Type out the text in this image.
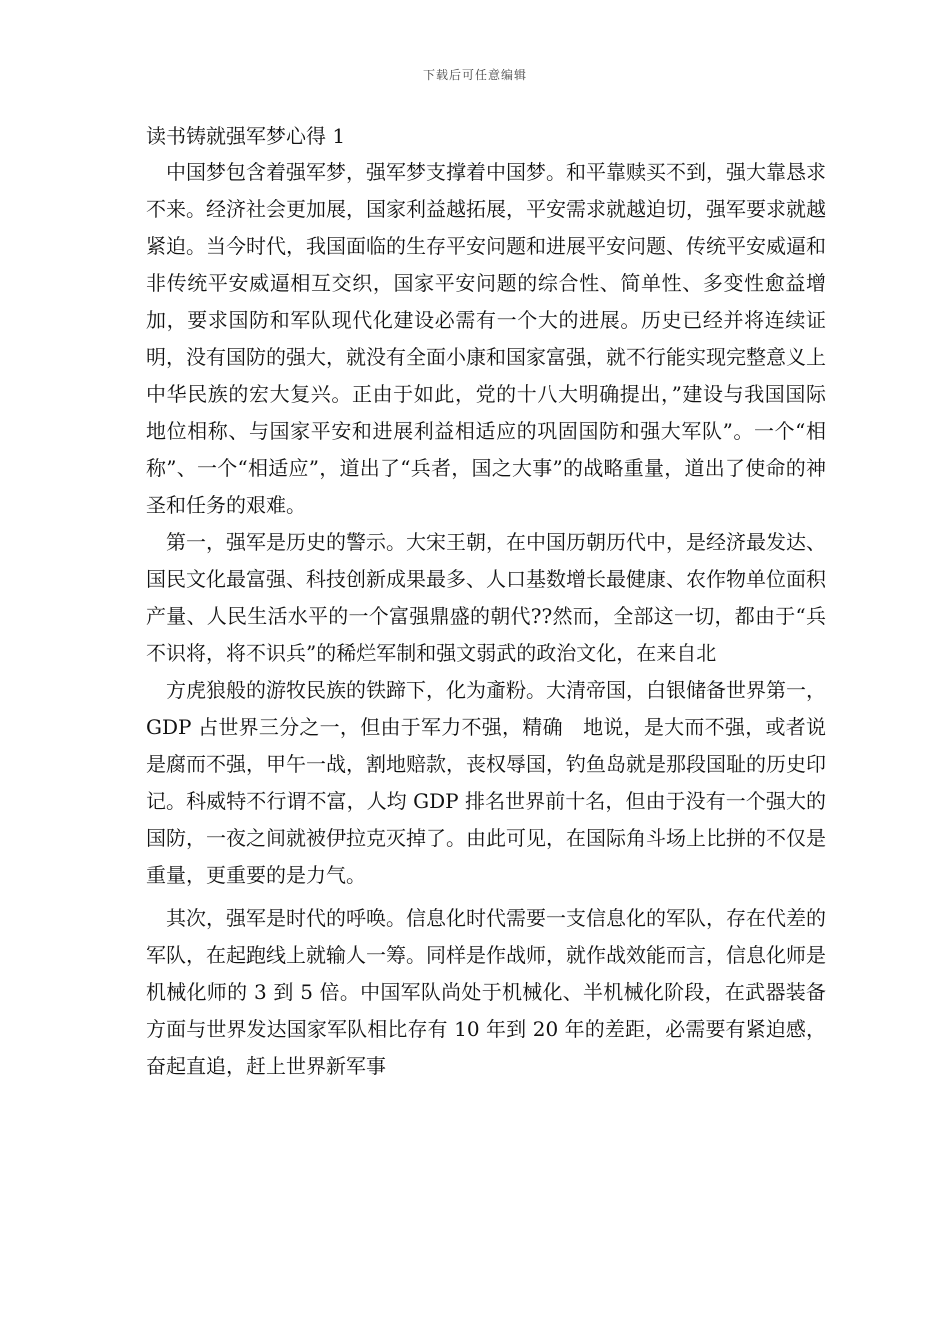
下载后可任意编辑

读书铸就强军梦心得 1

中国梦包含着强军梦，强军梦支撑着中国梦。和平靠赎买不到，强大靠恳求不来。经济社会更加展，国家利益越拓展，平安需求就越迫切，强军要求就越紧迫。当今时代，我国面临的生存平安问题和进展平安问题、传统平安威逼和非传统平安威逼相互交织，国家平安问题的综合性、简单性、多变性愈益增加，要求国防和军队现代化建设必需有一个大的进展。历史已经并将连续证明，没有国防的强大，就没有全面小康和国家富强，就不行能实现完整意义上中华民族的宏大复兴。正由于如此，党的十八大明确提出，”建设与我国国际地位相称、与国家平安和进展利益相适应的巩固国防和强大军队”。一个“相称”、一个“相适应”，道出了“兵者，国之大事”的战略重量，道出了使命的神圣和任务的艰难。

第一，强军是历史的警示。大宋王朝，在中国历朝历代中，是经济最发达、国民文化最富强、科技创新成果最多、人口基数增长最健康、农作物单位面积产量、人民生活水平的一个富强鼎盛的朝代??然而，全部这一切，都由于“兵不识将，将不识兵”的稀烂军制和强文弱武的政治文化，在来自北

方虎狼般的游牧民族的铁蹄下，化为齑粉。大清帝国，白银储备世界第一，GDP 占世界三分之一，但由于军力不强，精确　地说，是大而不强，或者说是腐而不强，甲午一战，割地赔款，丧权辱国，钓鱼岛就是那段国耻的历史印记。科威特不行谓不富，人均 GDP 排名世界前十名，但由于没有一个强大的国防，一夜之间就被伊拉克灭掉了。由此可见，在国际角斗场上比拼的不仅是重量，更重要的是力气。

其次，强军是时代的呼唤。信息化时代需要一支信息化的军队，存在代差的军队，在起跑线上就输人一筹。同样是作战师，就作战效能而言，信息化师是机械化师的 3 到 5 倍。中国军队尚处于机械化、半机械化阶段，在武器装备方面与世界发达国家军队相比存有 10 年到 20 年的差距，必需要有紧迫感，奋起直追，赶上世界新军事
